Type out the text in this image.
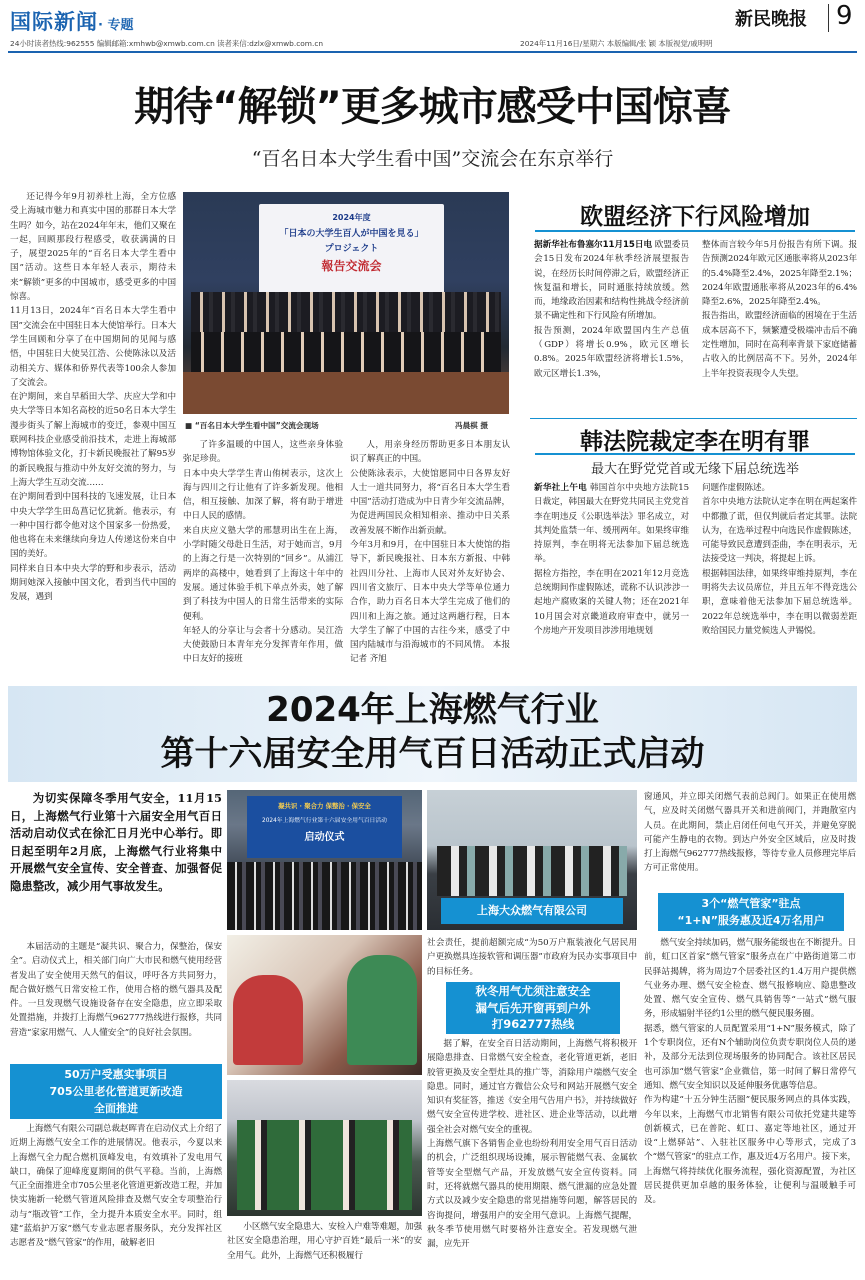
国际新闻· 专题	新民晚报 9
24小时读者热线:962555 编辑邮箱:xmhwb@xmwb.com.cn 读者来信:dzlx@xmwb.com.cn	2024年11月16日/星期六 本版编辑/张 颖 本版视觉/戚明明
期待“解锁”更多城市感受中国惊喜
“百名日本大学生看中国”交流会在东京举行
还记得今年9月初养杜上海，全方位感受上海城市魅力和真实中国的那群日本大学生吗？如今，站在2024年年末，他们又聚在一起，回顾那段行程感受，收获满满的日子，展望2025年的“百名日本大学生看中国”活动。这些日本年轻人表示，期待未来“解锁”更多的中国城市，感受更多的中国惊喜。
11月13日，2024年“百名日本大学生看中国”交流会在中国驻日本大使馆举行。日本大学生回顾和分享了在中国期间的见闻与感悟，中国驻日大使吴江浩、公使陈泳以及活动相关方、媒体和侨界代表等100余人参加了交流会。
在沪期间，来自早稻田大学、庆应大学和中央大学等日本知名高校的近50名日本大学生漫步街头了解上海城市的变迁，参观中国互联网科技企业感受前沿技术，走进上海城部博物馆体验文化，打卡新民晚报社了解95岁的新民晚报与推动中外友好交流的努力，与上海大学生互动交流……
在沪期间看到中国科技的飞速发展，让日本中央大学学生田岛菖记忆犹新。他表示，有一种中国行都令他对这个国家多一份热爱，他也将在未来继续向身边人传递这份来自中国的美好。
同样来自日本中央大学的野和步表示，活动期间她深入接触中国文化，看到当代中国的发展，遇到
2024年度
「日本の大学生百人が中国を見る」
プロジェクト
報告交流会
■ “百名日本大学生看中国”交流会现场	冯晨棋 摄
了许多温暖的中国人，这些亲身体验弥足珍贵。
日本中央大学学生青山侑树表示，这次上海与四川之行让他有了许多新发现。他相信，相互接触、加深了解，将有助于增进中日人民的感情。
来自庆应义塾大学的邢慧玥出生在上海，小学时随父母赴日生活，对于她而言，9月的上海之行是一次特别的“回乡”。从浦江两岸的高楼中，她看到了上海这十年中的发展。通过体验手机下单点外卖，她了解到了科技为中国人的日常生活带来的实际便利。
年轻人的分享让与会者十分感动。吴江浩大使鼓励日本青年充分发挥青年作用，做中日友好的接班
人，用亲身经历帮助更多日本朋友认识了解真正的中国。
公使陈泳表示，大使馆愿同中日各界友好人士一道共同努力，将“百名日本大学生看中国”活动打造成为中日青少年交流品牌，为促进两国民众相知相亲、推动中日关系改善发展不断作出新贡献。
今年3月和9月，在中国驻日本大使馆的指导下，新民晚报社、日本东方新报、中韩社四川分社、上海市人民对外友好协会、四川省文旅厅、日本中央大学等单位通力合作，助力百名日本大学生完成了他们的四川和上海之旅。通过这两趟行程，日本大学生了解了中国的古往今来，感受了中国内陆城市与沿海城市的不同风情。 本报记者 齐旭
欧盟经济下行风险增加
据新华社布鲁塞尔11月15日电 欧盟委员会15日发布2024年秋季经济展望报告说，在经历长时间停滞之后，欧盟经济正恢复温和增长，同时通胀持续放缓。然而，地缘政治因素和结构性挑战令经济前景不确定性和下行风险有所增加。
报告预测，2024年欧盟国内生产总值（GDP）将增长0.9%，欧元区增长0.8%。2025年欧盟经济将增长1.5%，欧元区增长1.3%，
整体而言较今年5月份报告有所下调。报告预测2024年欧元区通胀率将从2023年的5.4%降至2.4%，2025年降至2.1%；2024年欧盟通胀率将从2023年的6.4%降至2.6%，2025年降至2.4%。
报告指出，欧盟经济面临的困境在于生活成本居高不下，频繁遭受极端冲击后不确定性增加，同时在高利率背景下家庭储蓄占收入的比例居高不下。另外，2024年上半年投资表现令人失望。
韩法院裁定李在明有罪
最大在野党党首或无缘下届总统选举
新华社上午电 韩国首尔中央地方法院15日裁定，韩国最大在野党共同民主党党首李在明违反《公职选举法》罪名成立，对其判处监禁一年、缓刑两年。如果终审维持原判，李在明将无法参加下届总统选举。
据检方指控，李在明在2021年12月竞选总统期间作虚假陈述，谎称不认识涉涉一起地产腐败案的关键人物；还在2021年10月国会对京畿道政府审查中，就另一个房地产开发项目涉涉用地规划
问题作虚假陈述。
首尔中央地方法院认定李在明在两起案件中都撒了谎，但仅判就后者定其罪。法院认为，在选举过程中向选民作虚假陈述，可能导致民意遭到歪曲，李在明表示，无法接受这一判决，将提起上诉。
根据韩国法律，如果终审维持原判，李在明将失去议员席位，并且五年不得竞选公职，意味着他无法参加下届总统选举。2022年总统选举中，李在明以微弱差距败给国民力量党候选人尹锡悦。
2024年上海燃气行业
第十六届安全用气百日活动正式启动
为切实保障冬季用气安全，11月15日，上海燃气行业第十六届安全用气百日活动启动仪式在徐汇日月光中心举行。即日起至明年2月底，上海燃气行业将集中开展燃气安全宣传、安全普查、加强督促隐患整改，减少用气事故发生。
本届活动的主题是“凝共识、聚合力，保整治，保安全”。启动仪式上，相关部门向广大市民和燃气使用经营者发出了安全使用天然气的倡议，呼吁各方共同努力，配合做好燃气日常安检工作，使用合格的燃气器具及配件。一旦发现燃气设施设备存在安全隐患，应立即采取处置措施，并拨打上海燃气962777热线进行报修，共同营造“家家用燃气、人人懂安全”的良好社会氛围。
50万户受惠实事项目
705公里老化管道更新改造
全面推进
上海燃气有限公司副总裁赵晖青在启动仪式上介绍了近期上海燃气安全工作的进展情况。他表示，今夏以来上海燃气全力配合燃机顶峰发电，有效填补了发电用气缺口，确保了迎峰度夏期间的供气平稳。当前，上海燃气正全面推进全市705公里老化管道更新改造工程，并加快实施新一轮燃气管道风险排查及燃气安全专项整治行动与“瓶改管”工作，全力提升本质安全水平。同时，组建“蓝焰护万家”燃气专业志愿者服务队，充分发挥社区志愿者及“燃气管家”的作用，破解老旧
凝共识 · 聚合力 保整治 · 保安全
2024年上海燃气行业第十六届安全用气百日活动
启动仪式
上海大众燃气有限公司
小区燃气安全隐患大、安检入户难等难题，加强社区安全隐患治理，用心守护百姓“最后一米”的安全用气。此外，上海燃气还积极履行
社会责任，提前超额完成“为50万户瓶装液化气居民用户更换燃具连接软管和调压器”市政府为民办实事项目中的目标任务。
秋冬用气尤须注意安全
漏气后先开窗再到户外
打962777热线
据了解，在安全百日活动期间，上海燃气将积极开展隐患排查、日常燃气安全检查，老化管道更新，老旧胶管更换及安全型灶具的推广等，消除用户端燃气安全隐患。同时，通过官方微信公众号和网站开展燃气安全知识有奖征答，推送《安全用气告用户书》，并持续做好燃气安全宣传进学校、进社区、进企业等活动，以此增强全社会对燃气安全的重视。
上海燃气旗下各销售企业也纷纷利用安全用气百日活动的机会，广泛组织现场设摊，展示智能燃气表、金属软管等安全型燃气产品，开发放燃气安全宣传资料。同时，还将就燃气器具的使用期限、燃气泄漏的应急处置方式以及减少安全隐患的常见措施等问题，解答居民的咨询提问，增强用户的安全用气意识。上海燃气提醒，秋冬季节使用燃气时要格外注意安全。若发现燃气泄漏，应先开
窗通风，并立即关闭燃气表前总阀门。如果正在使用燃气，应及时关闭燃气器具开关和进前阀门，并跑散室内人员。在此期间，禁止启闭任何电气开关，并避免穿脱可能产生静电的衣物。到达户外安全区域后，应及时拨打上海燃气962777热线报修，等待专业人员修理完毕后方可正常使用。
3个“燃气管家”驻点
“1+N”服务惠及近4万名用户
燃气安全持续加码，燃气服务能级也在不断提升。日前，虹口区首家“燃气管家”服务点在广中路街道第二市民驿站揭牌，将为周边7个居委社区约1.4万用户提供燃气业务办理、燃气安全检查、燃气报修响应、隐患整改处置、燃气安全宣传、燃气具销售等“一站式”燃气服务，形成辐射半径约1公里的燃气便民服务圈。
据悉，燃气管家的人员配置采用“1+N”服务模式，除了1个专职岗位，还有N个辅助岗位负责专职岗位人员的递补，及部分无法到位现场服务的协同配合。该社区居民也可添加“燃气管家”企业微信，第一时间了解日常停气通知、燃气安全知识以及延伸服务优惠等信息。
作为构建“十五分钟生活圈”便民服务网点的具体实践，今年以来，上海燃气市北销售有限公司依托党建共建等创新模式，已在普陀、虹口、嘉定等地社区，通过开设“上燃驿站”、入驻社区服务中心等形式，完成了3个“燃气管家”的驻点工作，惠及近4万名用户。接下来，上海燃气将持续优化服务流程，强化资源配置，为社区居民提供更加卓越的服务体验，让便利与温暖触手可及。
